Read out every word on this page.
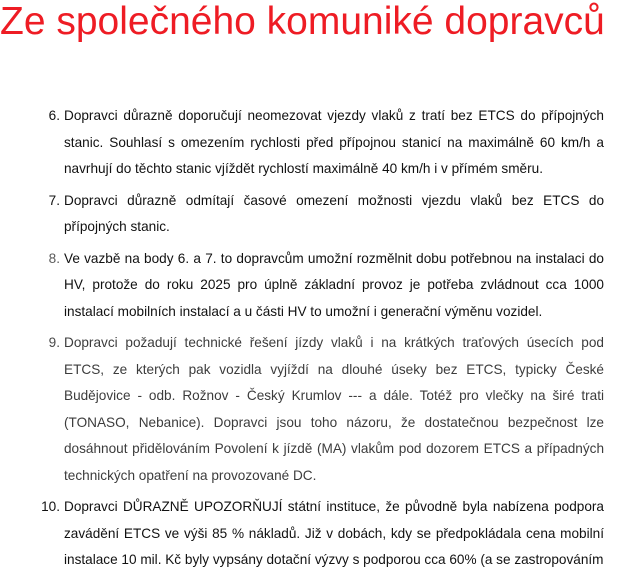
Ze společného komuniké dopravců
6. Dopravci důrazně doporučují neomezovat vjezdy vlaků z tratí bez ETCS do přípojných stanic. Souhlasí s omezením rychlosti před přípojnou stanicí na maximálně 60 km/h a navrhují do těchto stanic vjíždět rychlostí maximálně 40 km/h i v přímém směru.
7. Dopravci důrazně odmítají časové omezení možnosti vjezdu vlaků bez ETCS do přípojných stanic.
8. Ve vazbě na body 6. a 7. to dopravcům umožní rozmělnit dobu potřebnou na instalaci do HV, protože do roku 2025 pro úplně základní provoz je potřeba zvládnout cca 1000 instalací mobilních instalací a u části HV to umožní i generační výměnu vozidel.
9. Dopravci požadují technické řešení jízdy vlaků i na krátkých traťových úsecích pod ETCS, ze kterých pak vozidla vyjíždí na dlouhé úseky bez ETCS, typicky České Budějovice - odb. Rožnov - Český Krumlov --- a dále. Totéž pro vlečky na širé trati (TONASO, Nebanice). Dopravci jsou toho názoru, že dostatečnou bezpečnost lze dosáhnout přidělováním Povolení k jízdě (MA) vlakům pod dozorem ETCS a případných technických opatření na provozované DC.
10. Dopravci DŮRAZNĚ UPOZORŇUJÍ státní instituce, že původně byla nabízena podpora zavádění ETCS ve výši 85 % nákladů. Již v dobách, kdy se předpokládala cena mobilní instalace 10 mil. Kč byly vypsány dotační výzvy s podporou cca 60% (a se zastropováním
